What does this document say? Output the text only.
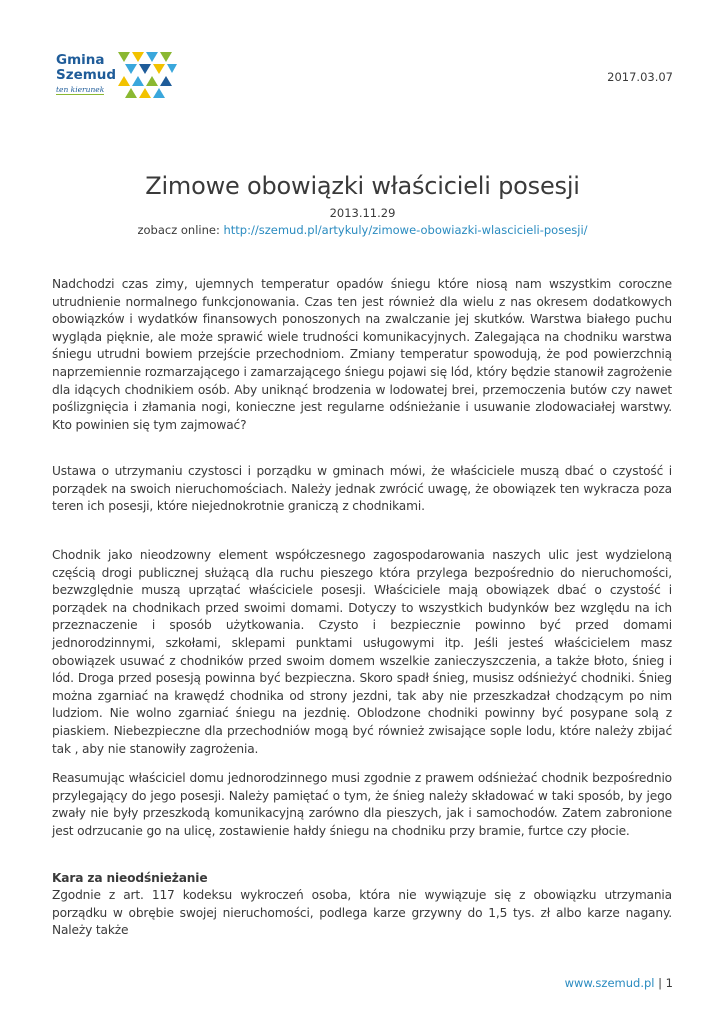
Gmina
Szemud
ten kierunek
2017.03.07
Zimowe obowiązki właścicieli posesji
2013.11.29
zobacz online: http://szemud.pl/artykuly/zimowe-obowiazki-wlascicieli-posesji/

Nadchodzi czas zimy, ujemnych temperatur opadów śniegu które niosą nam wszystkim coroczne utrudnienie normalnego funkcjonowania. Czas ten jest również dla wielu z nas okresem dodatkowych obowiązków i wydatków finansowych ponoszonych na zwalczanie jej skutków. Warstwa białego puchu wygląda pięknie, ale może sprawić wiele trudności komunikacyjnych. Zalegająca na chodniku warstwa śniegu utrudni bowiem przejście przechodniom. Zmiany temperatur spowodują, że pod powierzchnią naprzemiennie rozmarzającego i zamarzającego śniegu pojawi się lód, który będzie stanowił zagrożenie dla idących chodnikiem osób. Aby uniknąć brodzenia w lodowatej brei, przemoczenia butów czy nawet poślizgnięcia i złamania nogi, konieczne jest regularne odśnieżanie i usuwanie zlodowaciałej warstwy. Kto powinien się tym zajmować?

Ustawa o utrzymaniu czystosci i porządku w gminach mówi, że właściciele muszą dbać o czystość i porządek na swoich nieruchomościach. Należy jednak zwrócić uwagę, że obowiązek ten wykracza poza teren ich posesji, które niejednokrotnie graniczą z chodnikami.

Chodnik jako nieodzowny element współczesnego zagospodarowania naszych ulic jest wydzieloną częścią drogi publicznej służącą dla ruchu pieszego która przylega bezpośrednio do nieruchomości, bezwzględnie muszą uprzątać właściciele posesji. Właściciele mają obowiązek dbać o czystość i porządek na chodnikach przed swoimi domami. Dotyczy to wszystkich budynków bez względu na ich przeznaczenie i sposób użytkowania. Czysto i bezpiecznie powinno być przed domami jednorodzinnymi, szkołami, sklepami punktami usługowymi itp. Jeśli jesteś właścicielem masz obowiązek usuwać z chodników przed swoim domem wszelkie zanieczyszczenia, a także błoto, śnieg i lód. Droga przed posesją powinna być bezpieczna. Skoro spadł śnieg, musisz odśnieżyć chodniki. Śnieg można zgarniać na krawędź chodnika od strony jezdni, tak aby nie przeszkadzał chodzącym po nim ludziom. Nie wolno zgarniać śniegu na jezdnię. Oblodzone chodniki powinny być posypane solą z piaskiem. Niebezpieczne dla przechodniów mogą być również zwisające sople lodu, które należy zbijać tak , aby nie stanowiły zagrożenia.

Reasumując właściciel domu jednorodzinnego musi zgodnie z prawem odśnieżać chodnik bezpośrednio przylegający do jego posesji. Należy pamiętać o tym, że śnieg należy składować w taki sposób, by jego zwały nie były przeszkodą komunikacyjną zarówno dla pieszych, jak i samochodów. Zatem zabronione jest odrzucanie go na ulicę, zostawienie hałdy śniegu na chodniku przy bramie, furtce czy płocie.

Kara za nieodśnieżanie

Zgodnie z art. 117 kodeksu wykroczeń osoba, która nie wywiązuje się z obowiązku utrzymania porządku w obrębie swojej nieruchomości, podlega karze grzywny do 1,5 tys. zł albo karze nagany. Należy także

www.szemud.pl | 1
